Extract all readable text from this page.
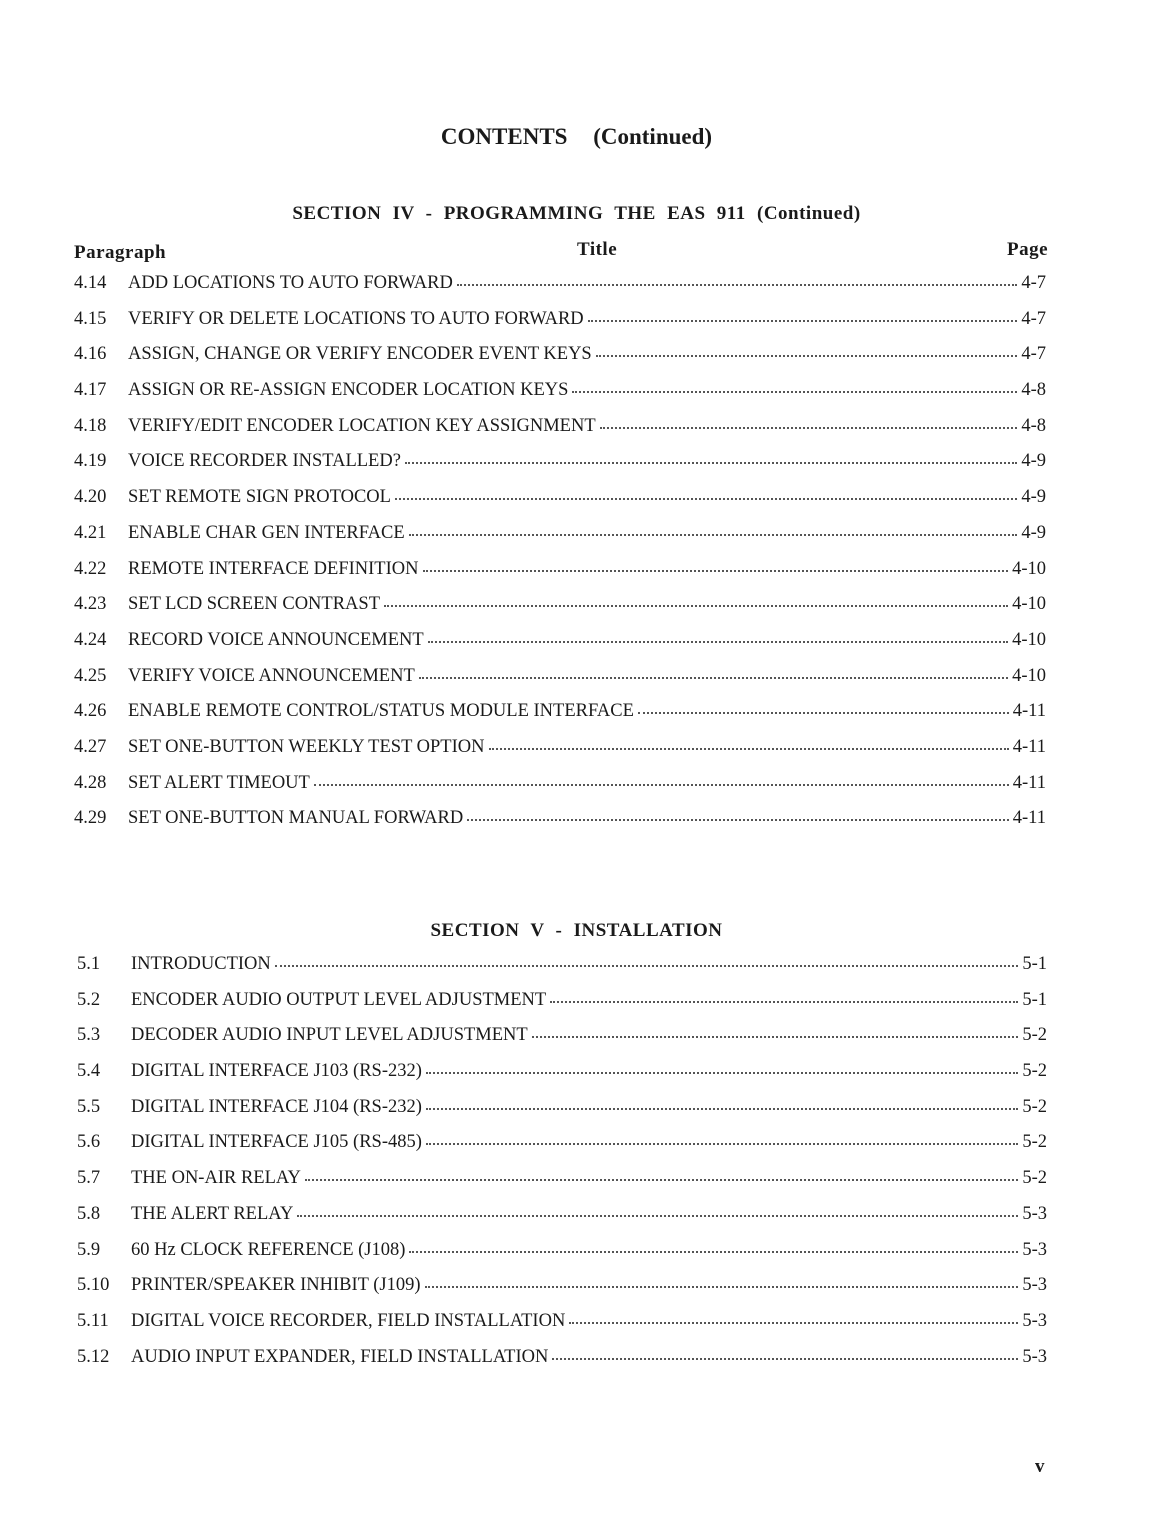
CONTENTS (Continued)
SECTION IV - PROGRAMMING THE EAS 911 (Continued)
Paragraph	Title	Page
4.14	ADD LOCATIONS TO AUTO FORWARD	4-7
4.15	VERIFY OR DELETE LOCATIONS TO AUTO FORWARD	4-7
4.16	ASSIGN, CHANGE OR VERIFY ENCODER EVENT KEYS	4-7
4.17	ASSIGN OR RE-ASSIGN ENCODER LOCATION KEYS	4-8
4.18	VERIFY/EDIT ENCODER LOCATION KEY ASSIGNMENT	4-8
4.19	VOICE RECORDER INSTALLED?	4-9
4.20	SET REMOTE SIGN PROTOCOL	4-9
4.21	ENABLE CHAR GEN INTERFACE	4-9
4.22	REMOTE INTERFACE DEFINITION	4-10
4.23	SET LCD SCREEN CONTRAST	4-10
4.24	RECORD VOICE ANNOUNCEMENT	4-10
4.25	VERIFY VOICE ANNOUNCEMENT	4-10
4.26	ENABLE REMOTE CONTROL/STATUS MODULE INTERFACE	4-11
4.27	SET ONE-BUTTON WEEKLY TEST OPTION	4-11
4.28	SET ALERT TIMEOUT	4-11
4.29	SET ONE-BUTTON MANUAL FORWARD	4-11
SECTION V - INSTALLATION
5.1	INTRODUCTION	5-1
5.2	ENCODER AUDIO OUTPUT LEVEL ADJUSTMENT	5-1
5.3	DECODER AUDIO INPUT LEVEL ADJUSTMENT	5-2
5.4	DIGITAL INTERFACE J103 (RS-232)	5-2
5.5	DIGITAL INTERFACE J104 (RS-232)	5-2
5.6	DIGITAL INTERFACE J105 (RS-485)	5-2
5.7	THE ON-AIR RELAY	5-2
5.8	THE ALERT RELAY	5-3
5.9	60 Hz CLOCK REFERENCE (J108)	5-3
5.10	PRINTER/SPEAKER INHIBIT (J109)	5-3
5.11	DIGITAL VOICE RECORDER, FIELD INSTALLATION	5-3
5.12	AUDIO INPUT EXPANDER, FIELD INSTALLATION	5-3
v
